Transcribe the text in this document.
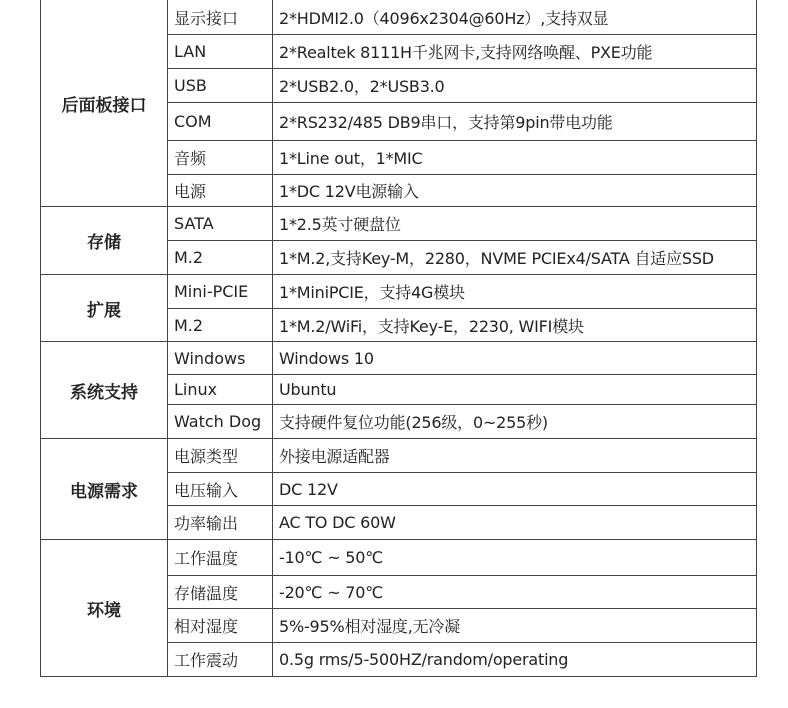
后面板接口	显示接口	2*HDMI2.0（4096x2304@60Hz）,支持双显
	LAN	2*Realtek 8111H千兆网卡,支持网络唤醒、PXE功能
	USB	2*USB2.0，2*USB3.0
	COM	2*RS232/485 DB9串口，支持第9pin带电功能
	音频	1*Line out，1*MIC
	电源	1*DC 12V电源输入
存储	SATA	1*2.5英寸硬盘位
	M.2	1*M.2,支持Key-M，2280，NVME PCIEx4/SATA 自适应SSD
扩展	Mini-PCIE	1*MiniPCIE，支持4G模块
	M.2	1*M.2/WiFi，支持Key-E，2230, WIFI模块
系统支持	Windows	Windows 10
	Linux	Ubuntu
	Watch Dog	支持硬件复位功能(256级，0~255秒)
电源需求	电源类型	外接电源适配器
	电压输入	DC 12V
	功率输出	AC TO DC 60W
环境	工作温度	-10℃ ~ 50℃
	存储温度	-20℃ ~ 70℃
	相对湿度	5%-95%相对湿度,无冷凝
	工作震动	0.5g rms/5-500HZ/random/operating
